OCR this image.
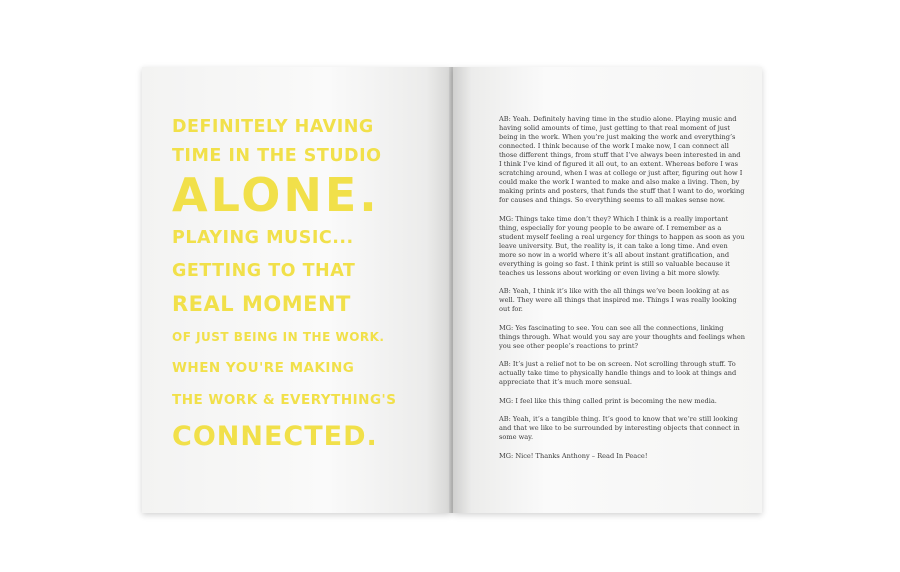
DEFINITELY HAVING
TIME IN THE STUDIO
ALONE.
PLAYING MUSIC...
GETTING TO THAT
REAL MOMENT
OF JUST BEING IN THE WORK.
WHEN YOU'RE MAKING
THE WORK & EVERYTHING'S
CONNECTED.

AB: Yeah. Definitely having time in the studio alone. Playing music and having solid amounts of time, just getting to that real moment of just being in the work. When you’re just making the work and everything’s connected. I think because of the work I make now, I can connect all those different things, from stuff that I’ve always been interested in and I think I’ve kind of figured it all out, to an extent. Whereas before I was scratching around, when I was at college or just after, figuring out how I could make the work I wanted to make and also make a living. Then, by making prints and posters, that funds the stuff that I want to do, working for causes and things. So everything seems to all makes sense now.

MG: Things take time don’t they? Which I think is a really important thing, especially for young people to be aware of. I remember as a student myself feeling a real urgency for things to happen as soon as you leave university. But, the reality is, it can take a long time. And even more so now in a world where it’s all about instant gratification, and everything is going so fast. I think print is still so valuable because it teaches us lessons about working or even living a bit more slowly.

AB: Yeah, I think it’s like with the all things we’ve been looking at as well. They were all things that inspired me. Things I was really looking out for.

MG: Yes fascinating to see. You can see all the connections, linking things through. What would you say are your thoughts and feelings when you see other people’s reactions to print?

AB: It’s just a relief not to be on screen. Not scrolling through stuff. To actually take time to physically handle things and to look at things and appreciate that it’s much more sensual.

MG: I feel like this thing called print is becoming the new media.

AB: Yeah, it’s a tangible thing. It’s good to know that we’re still looking and that we like to be surrounded by interesting objects that connect in some way.

MG: Nice! Thanks Anthony – Read In Peace!
